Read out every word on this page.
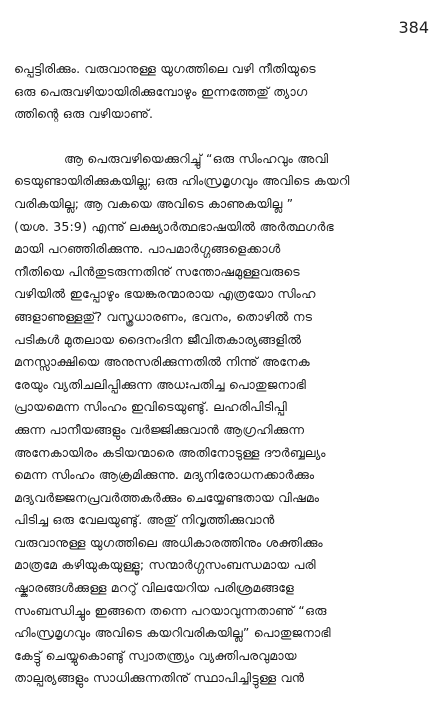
384
പ്പെട്ടിരിക്കും. വരുവാനുള്ള യുഗത്തിലെ വഴി നീതിയുടെ
ഒരു പെരുവഴിയായിരിക്കുമ്പോഴും ഇന്നത്തേതു് ത്യാഗ
ത്തിന്റെ ഒരു വഴിയാണു്.
ആ പെരുവഴിയെക്കുറിച്ചു് “ഒരു സിംഹവും അവി
ടെയുണ്ടായിരിക്കുകയില്ല; ഒരു ഹിംസ്രമൃഗവും അവിടെ കയറി
വരികയില്ല; ആ വകയെ അവിടെ കാണുകയില്ല ”
(യശ. 35:9) എന്നു് ലക്ഷ്യാർത്ഥഭാഷയിൽ അർത്ഥഗർഭ
മായി പറഞ്ഞിരിക്കുന്നു. പാപമാർഗ്ഗങ്ങളെക്കാൾ
നീതിയെ പിൻതുടരുന്നതിനു് സന്തോഷമുള്ളവരുടെ
വഴിയിൽ ഇപ്പോഴും ഭയങ്കരന്മാരായ എത്രയോ സിംഹ
ങ്ങളാണുള്ളതു്? വസ്ത്രധാരണം, ഭവനം, തൊഴിൽ നട
പടികൾ മുതലായ ദൈനംദിന ജീവിതകാര്യങ്ങളിൽ
മനസ്സാക്ഷിയെ അനുസരിക്കുന്നതിൽ നിന്നു് അനേക
രേയും വ്യതിചലിപ്പിക്കുന്ന അധഃപതിച്ച പൊതുജനാഭി
പ്രായമെന്ന സിംഹം ഇവിടെയുണ്ടു്. ലഹരിപിടിപ്പി
ക്കുന്ന പാനീയങ്ങളും വർജ്ജിക്കുവാൻ ആഗ്രഹിക്കുന്ന
അനേകായിരം കടിയന്മാരെ അതിനോടുള്ള ദൗർബ്ബല്യം
മെന്ന സിംഹം ആക്രമിക്കുന്നു. മദ്യനിരോധനക്കാർക്കും
മദ്യവർജ്ജനപ്രവർത്തകർക്കും ചെയ്യേണ്ടതായ വിഷമം
പിടിച്ച ഒരു വേലയുണ്ടു്. അതു് നിവൃത്തിക്കുവാൻ
വരുവാനുള്ള യുഗത്തിലെ അധികാരത്തിനും ശക്തിക്കും
മാത്രമേ കഴിയുകയുള്ളൂ; സന്മാർഗ്ഗസംബന്ധമായ പരി
ഷ്കാരങ്ങൾക്കുള്ള മററു് വിലയേറിയ പരിശ്രമങ്ങളേ
സംബന്ധിച്ചും ഇങ്ങനെ തന്നെ പറയാവുന്നതാണു് “ഒരു
ഹിംസ്രമൃഗവും അവിടെ കയറിവരികയില്ല” പൊതുജനാഭി
കേട്ടു് ചെയ്യുകൊണ്ടു് സ്വാതന്ത്ര്യം വ്യക്തിപരവുമായ
താല്പര്യങ്ങളും സാധിക്കുന്നതിനു് സ്ഥാപിച്ചിട്ടുള്ള വൻ
